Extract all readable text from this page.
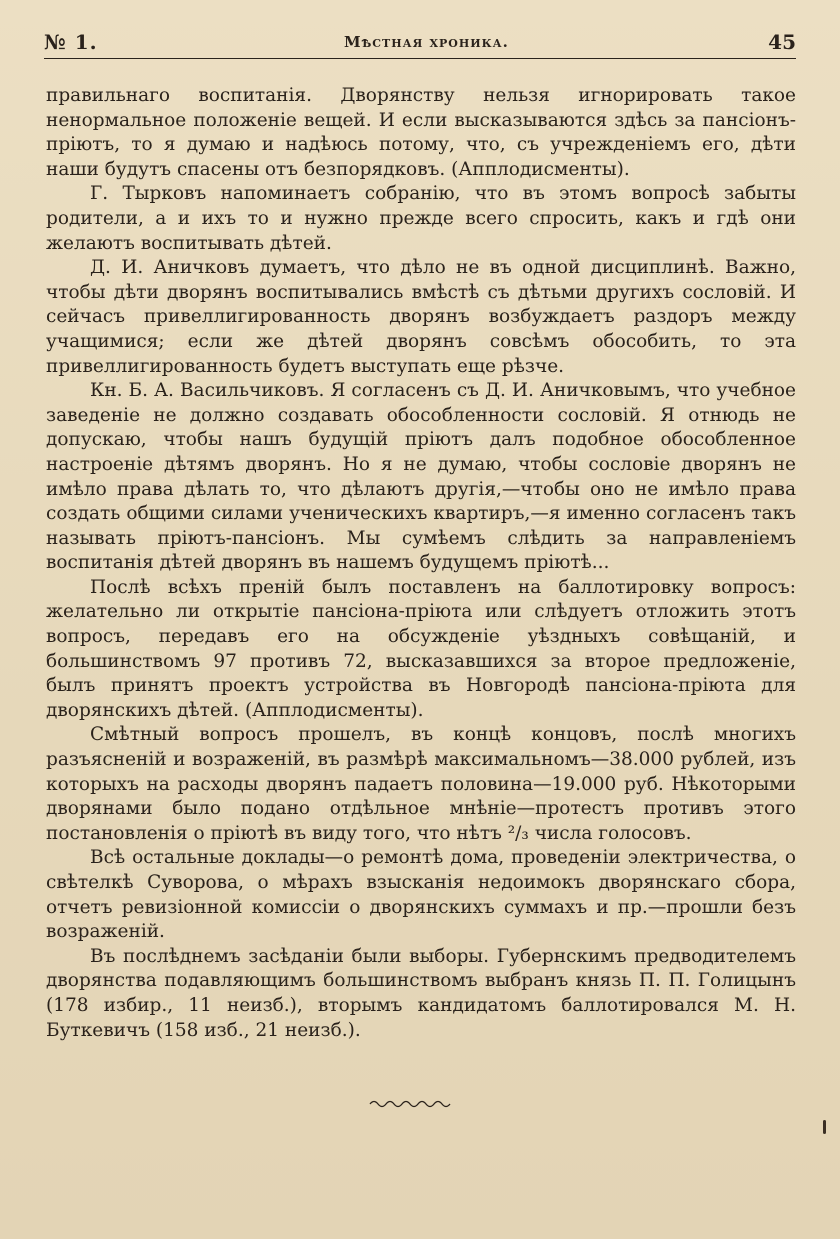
№ 1.	Мѣстная хроника.	45

правильнаго воспитанія. Дворянству нельзя игнорировать такое ненормальное положеніе вещей. И если высказываются здѣсь за пансіонъ-пріютъ, то я думаю и надѣюсь потому, что, съ учрежденіемъ его, дѣти наши будутъ спасены отъ безпорядковъ. (Апплодисменты).

Г. Тырковъ напоминаетъ собранію, что въ этомъ вопросѣ забыты родители, а и ихъ то и нужно прежде всего спросить, какъ и гдѣ они желаютъ воспитывать дѣтей.

Д. И. Аничковъ думаетъ, что дѣло не въ одной дисциплинѣ. Важно, чтобы дѣти дворянъ воспитывались вмѣстѣ съ дѣтьми другихъ сословій. И сейчасъ привеллигированность дворянъ возбуждаетъ раздоръ между учащимися; если же дѣтей дворянъ совсѣмъ обособить, то эта привеллигированность будетъ выступать еще рѣзче.

Кн. Б. А. Васильчиковъ. Я согласенъ съ Д. И. Аничковымъ, что учебное заведеніе не должно создавать обособленности сословій. Я отнюдь не допускаю, чтобы нашъ будущій пріютъ далъ подобное обособленное настроеніе дѣтямъ дворянъ. Но я не думаю, чтобы сословіе дворянъ не имѣло права дѣлать то, что дѣлаютъ другія,—чтобы оно не имѣло права создать общими силами ученическихъ квартиръ,—я именно согласенъ такъ называть пріютъ-пансіонъ. Мы сумѣемъ слѣдить за направленіемъ воспитанія дѣтей дворянъ въ нашемъ будущемъ пріютѣ...

Послѣ всѣхъ преній былъ поставленъ на баллотировку вопросъ: желательно ли открытіе пансіона-пріюта или слѣдуетъ отложить этотъ вопросъ, передавъ его на обсужденіе уѣздныхъ совѣщаній, и большинствомъ 97 противъ 72, высказавшихся за второе предложеніе, былъ принятъ проектъ устройства въ Новгородѣ пансіона-пріюта для дворянскихъ дѣтей. (Апплодисменты).

Смѣтный вопросъ прошелъ, въ концѣ концовъ, послѣ многихъ разъясненій и возраженій, въ размѣрѣ максимальномъ—38.000 рублей, изъ которыхъ на расходы дворянъ падаетъ половина—19.000 руб. Нѣкоторыми дворянами было подано отдѣльное мнѣніе—протестъ противъ этого постановленія о пріютѣ въ виду того, что нѣтъ ²/₃ числа голосовъ.

Всѣ остальные доклады—о ремонтѣ дома, проведеніи электричества, о свѣтелкѣ Суворова, о мѣрахъ взысканія недоимокъ дворянскаго сбора, отчетъ ревизіонной комиссіи о дворянскихъ суммахъ и пр.—прошли безъ возраженій.

Въ послѣднемъ засѣданіи были выборы. Губернскимъ предводителемъ дворянства подавляющимъ большинствомъ выбранъ князь П. П. Голицынъ (178 избир., 11 неизб.), вторымъ кандидатомъ баллотировался М. Н. Буткевичъ (158 изб., 21 неизб.).
